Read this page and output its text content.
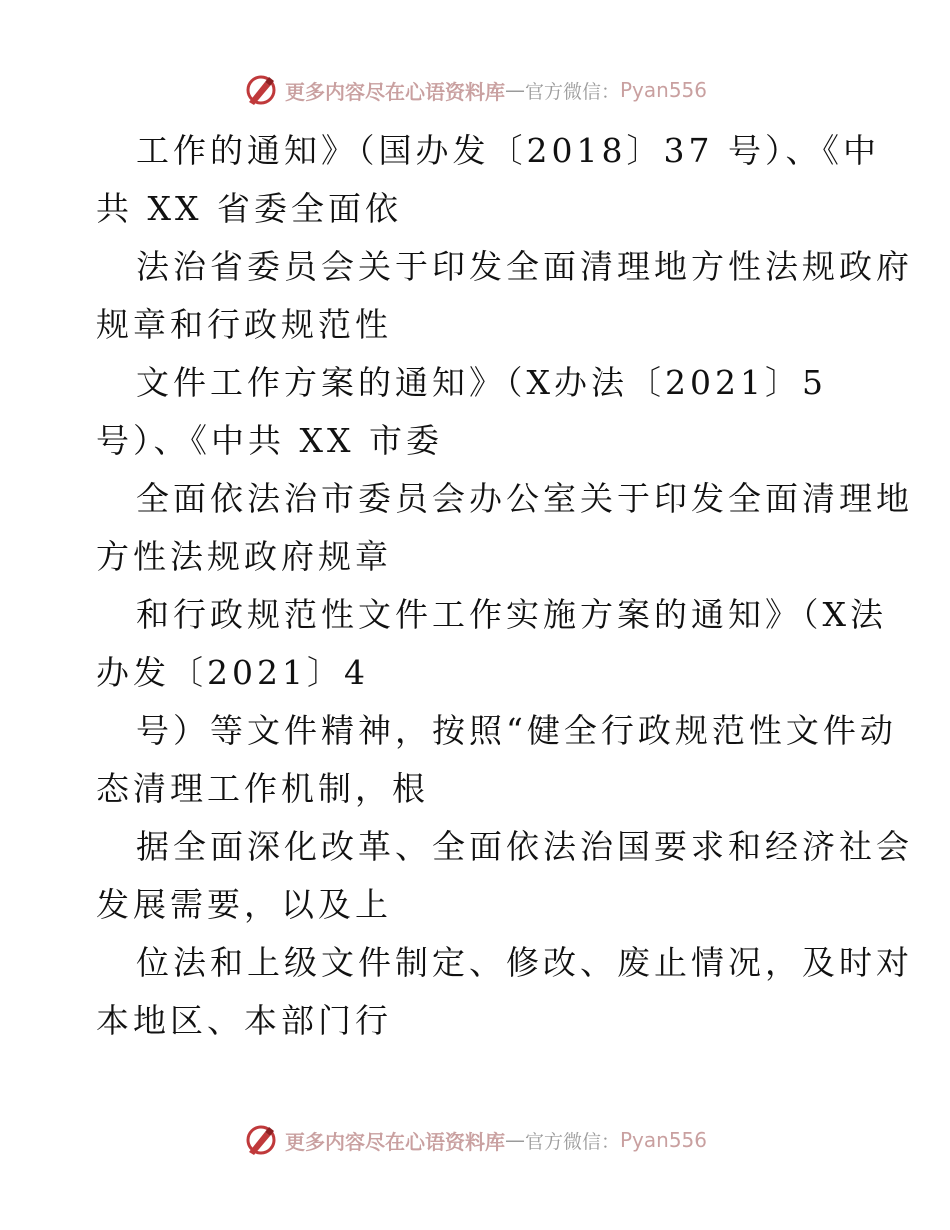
更多内容尽在心语资料库 — 官方微信： Pyan556
工作的通知》（国办发〔2018〕37 号）、《中
共 XX 省委全面依
法治省委员会关于印发全面清理地方性法规政府
规章和行政规范性
文件工作方案的通知》（X办法〔2021〕5
号）、《中共 XX 市委
全面依法治市委员会办公室关于印发全面清理地
方性法规政府规章
和行政规范性文件工作实施方案的通知》（X法
办发〔2021〕4
号）等文件精神，按照“健全行政规范性文件动
态清理工作机制，根
据全面深化改革、全面依法治国要求和经济社会
发展需要，以及上
位法和上级文件制定、修改、废止情况，及时对
本地区、本部门行
更多内容尽在心语资料库 — 官方微信： Pyan556
